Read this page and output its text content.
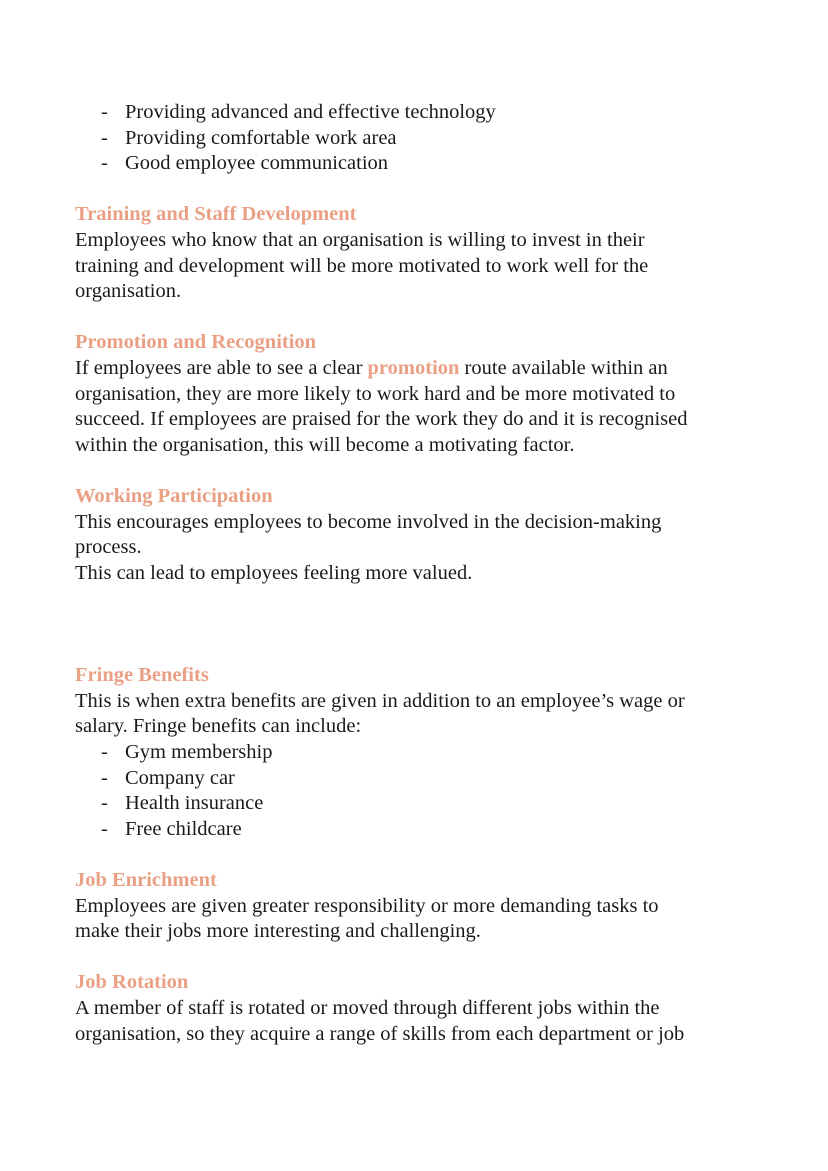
- Providing advanced and effective technology
- Providing comfortable work area
- Good employee communication
Training and Staff Development
Employees who know that an organisation is willing to invest in their
training and development will be more motivated to work well for the
organisation.
Promotion and Recognition
If employees are able to see a clear promotion route available within an
organisation, they are more likely to work hard and be more motivated to
succeed. If employees are praised for the work they do and it is recognised
within the organisation, this will become a motivating factor.
Working Participation
This encourages employees to become involved in the decision-making
process.
This can lead to employees feeling more valued.
Fringe Benefits
This is when extra benefits are given in addition to an employee’s wage or
salary. Fringe benefits can include:
- Gym membership
- Company car
- Health insurance
- Free childcare
Job Enrichment
Employees are given greater responsibility or more demanding tasks to
make their jobs more interesting and challenging.
Job Rotation
A member of staff is rotated or moved through different jobs within the
organisation, so they acquire a range of skills from each department or job
